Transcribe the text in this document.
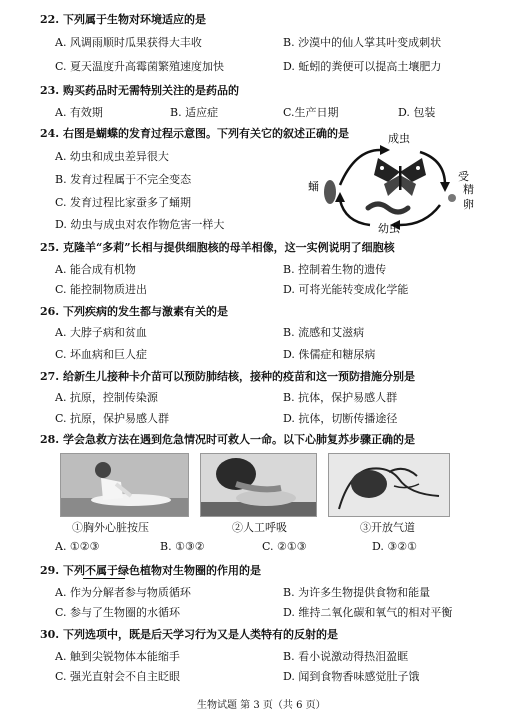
22. 下列属于生物对环境适应的是
A. 风调雨顺时瓜果获得大丰收	B. 沙漠中的仙人掌其叶变成刺状
C. 夏天温度升高霉菌繁殖速度加快	D. 蚯蚓的粪便可以提高土壤肥力
23. 购买药品时无需特别关注的是药品的
A. 有效期	B. 适应症	C.生产日期	D. 包装
24. 右图是蝴蝶的发育过程示意图。下列有关它的叙述正确的是
A. 幼虫和成虫差异很大
B. 发育过程属于不完全变态
C. 发育过程比家蚕多了蛹期
D. 幼虫与成虫对农作物危害一样大
成虫
受
精
卵
蛹
幼虫
25. 克隆羊“多莉”长相与提供细胞核的母羊相像，这一实例说明了细胞核
A. 能合成有机物	B. 控制着生物的遗传
C. 能控制物质进出	D. 可将光能转变成化学能
26. 下列疾病的发生都与激素有关的是
A. 大脖子病和贫血	B. 流感和艾滋病
C. 坏血病和巨人症	D. 侏儒症和糖尿病
27. 给新生儿接种卡介苗可以预防肺结核，接种的疫苗和这一预防措施分别是
A. 抗原，控制传染源	B. 抗体，保护易感人群
C. 抗原，保护易感人群	D. 抗体，切断传播途径
28. 学会急救方法在遇到危急情况时可救人一命。以下心肺复苏步骤正确的是
①胸外心脏按压	②人工呼吸	③开放气道
A. ①②③	B. ①③②	C. ②①③	D. ③②①
29. 下列不属于绿色植物对生物圈的作用的是
A. 作为分解者参与物质循环	B. 为许多生物提供食物和能量
C. 参与了生物圈的水循环	D. 维持二氧化碳和氧气的相对平衡
30. 下列选项中，既是后天学习行为又是人类特有的反射的是
A. 触到尖锐物体本能缩手	B. 看小说激动得热泪盈眶
C. 强光直射会不自主眨眼	D. 闻到食物香味感觉肚子饿
生物试题 第 3 页（共 6 页）
